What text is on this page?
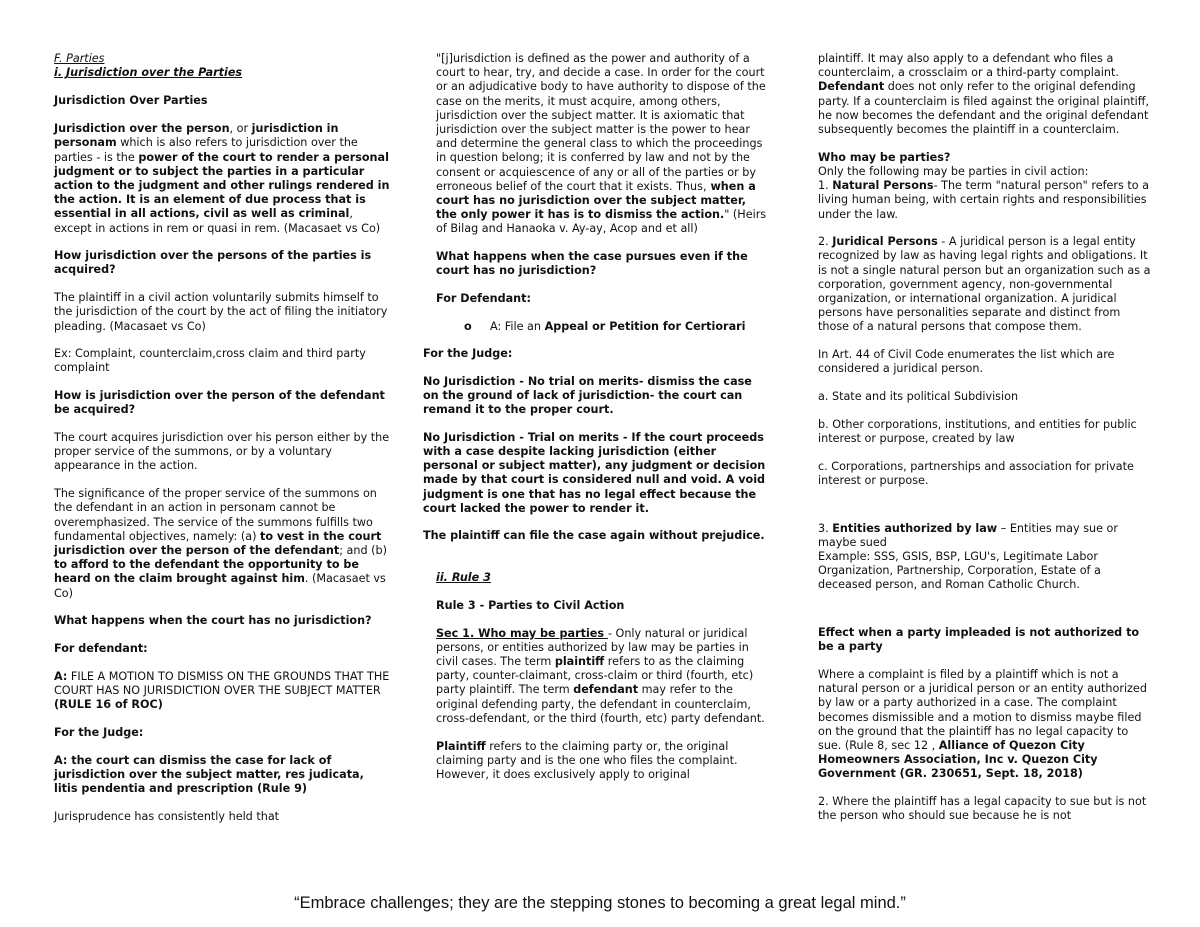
F. Parties
i. Jurisdiction over the Parties

Jurisdiction Over Parties

Jurisdiction over the person, or jurisdiction in personam which is also refers to jurisdiction over the parties - is the power of the court to render a personal judgment or to subject the parties in a particular action to the judgment and other rulings rendered in the action. It is an element of due process that is essential in all actions, civil as well as criminal, except in actions in rem or quasi in rem. (Macasaet vs Co)

How jurisdiction over the persons of the parties is acquired?

The plaintiff in a civil action voluntarily submits himself to the jurisdiction of the court by the act of filing the initiatory pleading. (Macasaet vs Co)

Ex: Complaint, counterclaim,cross claim and third party complaint

How is jurisdiction over the person of the defendant be acquired?

The court acquires jurisdiction over his person either by the proper service of the summons, or by a voluntary appearance in the action.

The significance of the proper service of the summons on the defendant in an action in personam cannot be overemphasized. The service of the summons fulfills two fundamental objectives, namely: (a) to vest in the court jurisdiction over the person of the defendant; and (b) to afford to the defendant the opportunity to be heard on the claim brought against him. (Macasaet vs Co)

What happens when the court has no jurisdiction?

For defendant:

A: FILE A MOTION TO DISMISS ON THE GROUNDS THAT THE COURT HAS NO JURISDICTION OVER THE SUBJECT MATTER (RULE 16 of ROC)

For the Judge:

A: the court can dismiss the case for lack of jurisdiction over the subject matter, res judicata, litis pendentia and prescription (Rule 9)

Jurisprudence has consistently held that

"[j]urisdiction is defined as the power and authority of a court to hear, try, and decide a case. In order for the court or an adjudicative body to have authority to dispose of the case on the merits, it must acquire, among others, jurisdiction over the subject matter. It is axiomatic that jurisdiction over the subject matter is the power to hear and determine the general class to which the proceedings in question belong; it is conferred by law and not by the consent or acquiescence of any or all of the parties or by erroneous belief of the court that it exists. Thus, when a court has no jurisdiction over the subject matter, the only power it has is to dismiss the action." (Heirs of Bilag and Hanaoka v. Ay-ay, Acop and et all)

What happens when the case pursues even if the court has no jurisdiction?

For Defendant:

o	A: File an Appeal or Petition for Certiorari

For the Judge:

No Jurisdiction - No trial on merits- dismiss the case on the ground of lack of jurisdiction- the court can remand it to the proper court.

No Jurisdiction - Trial on merits - If the court proceeds with a case despite lacking jurisdiction (either personal or subject matter), any judgment or decision made by that court is considered null and void. A void judgment is one that has no legal effect because the court lacked the power to render it.

The plaintiff can file the case again without prejudice.

ii. Rule 3

Rule 3 - Parties to Civil Action

Sec 1. Who may be parties - Only natural or juridical persons, or entities authorized by law may be parties in civil cases. The term plaintiff refers to as the claiming party, counter-claimant, cross-claim or third (fourth, etc) party plaintiff. The term defendant may refer to the original defending party, the defendant in counterclaim, cross-defendant, or the third (fourth, etc) party defendant.

Plaintiff refers to the claiming party or, the original claiming party and is the one who files the complaint. However, it does exclusively apply to original

plaintiff. It may also apply to a defendant who files a counterclaim, a crossclaim or a third-party complaint. Defendant does not only refer to the original defending party. If a counterclaim is filed against the original plaintiff, he now becomes the defendant and the original defendant subsequently becomes the plaintiff in a counterclaim.

Who may be parties?
Only the following may be parties in civil action:

1. Natural Persons- The term "natural person" refers to a living human being, with certain rights and responsibilities under the law.

2. Juridical Persons - A juridical person is a legal entity recognized by law as having legal rights and obligations. It is not a single natural person but an organization such as a corporation, government agency, non-governmental organization, or international organization. A juridical persons have personalities separate and distinct from those of a natural persons that compose them.

In Art. 44 of Civil Code enumerates the list which are considered a juridical person.

a. State and its political Subdivision

b. Other corporations, institutions, and entities for public interest or purpose, created by law

c. Corporations, partnerships and association for private interest or purpose.

3. Entities authorized by law – Entities may sue or maybe sued

Example: SSS, GSIS, BSP, LGU's, Legitimate Labor Organization, Partnership, Corporation, Estate of a deceased person, and Roman Catholic Church.

Effect when a party impleaded is not authorized to be a party

Where a complaint is filed by a plaintiff which is not a natural person or a juridical person or an entity authorized by law or a party authorized in a case. The complaint becomes dismissible and a motion to dismiss maybe filed on the ground that the plaintiff has no legal capacity to sue. (Rule 8, sec 12 , Alliance of Quezon City Homeowners Association, Inc v. Quezon City Government (GR. 230651, Sept. 18, 2018)

2. Where the plaintiff has a legal capacity to sue but is not the person who should sue because he is not

“Embrace challenges; they are the stepping stones to becoming a great legal mind.”
